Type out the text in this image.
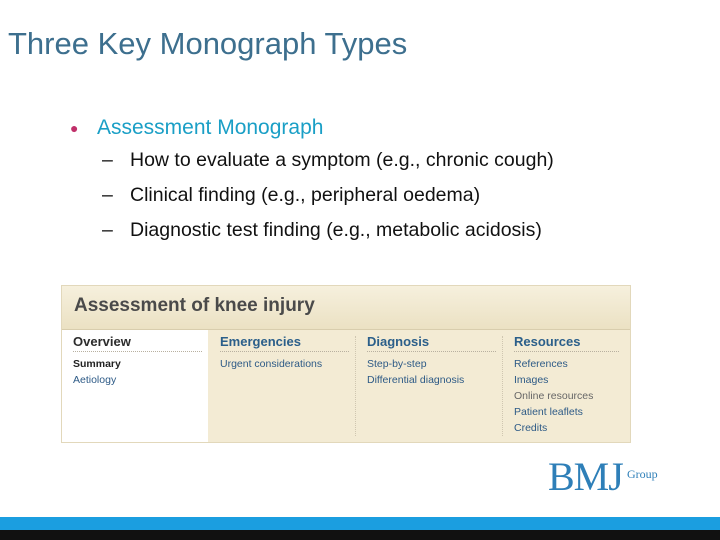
Three Key Monograph Types
● Assessment Monograph
– How to evaluate a symptom (e.g., chronic cough)
– Clinical finding (e.g., peripheral oedema)
– Diagnostic test finding (e.g., metabolic acidosis)
Assessment of knee injury
Overview
Summary
Aetiology
Emergencies
Urgent considerations
Diagnosis
Step-by-step
Differential diagnosis
Resources
References
Images
Online resources
Patient leaflets
Credits
BMJ Group
